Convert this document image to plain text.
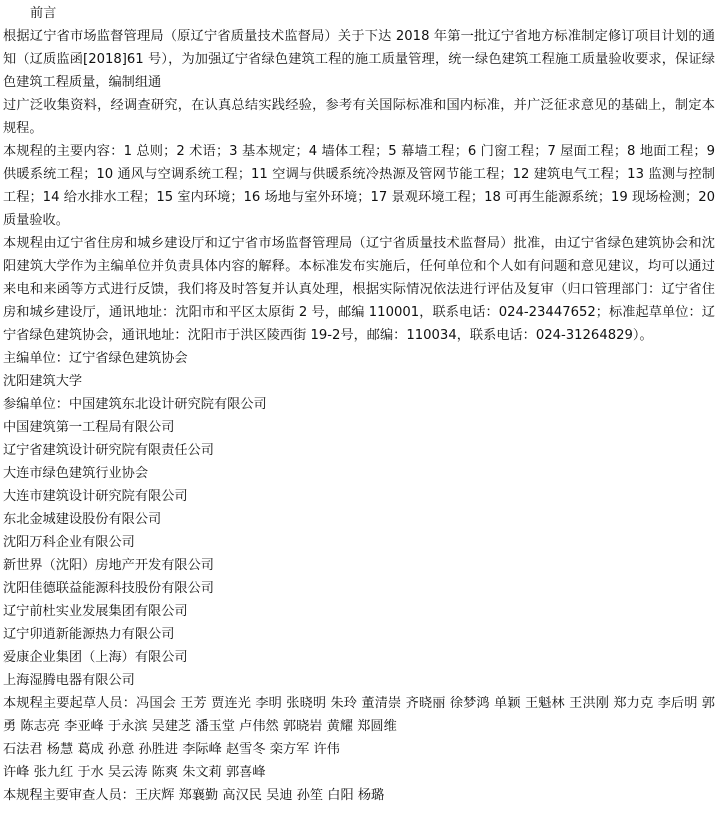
前言

根据辽宁省市场监督管理局（原辽宁省质量技术监督局）关于下达 2018 年第一批辽宁省地方标准制定修订项目计划的通知（辽质监函[2018]61 号），为加强辽宁省绿色建筑工程的施工质量管理，统一绿色建筑工程施工质量验收要求，保证绿色建筑工程质量，编制组通

过广泛收集资料，经调查研究，在认真总结实践经验，参考有关国际标准和国内标准，并广泛征求意见的基础上，制定本规程。

本规程的主要内容：1 总则；2 术语；3 基本规定；4 墙体工程；5 幕墙工程；6 门窗工程；7 屋面工程；8 地面工程；9 供暖系统工程；10 通风与空调系统工程；11 空调与供暖系统冷热源及管网节能工程；12 建筑电气工程；13 监测与控制工程；14 给水排水工程；15 室内环境；16 场地与室外环境；17 景观环境工程；18 可再生能源系统；19 现场检测；20 质量验收。

本规程由辽宁省住房和城乡建设厅和辽宁省市场监督管理局（辽宁省质量技术监督局）批准，由辽宁省绿色建筑协会和沈阳建筑大学作为主编单位并负责具体内容的解释。本标准发布实施后，任何单位和个人如有问题和意见建议，均可以通过来电和来函等方式进行反馈，我们将及时答复并认真处理，根据实际情况依法进行评估及复审（归口管理部门：辽宁省住房和城乡建设厅，通讯地址：沈阳市和平区太原街 2 号，邮编 110001，联系电话：024-23447652；标准起草单位：辽宁省绿色建筑协会，通讯地址：沈阳市于洪区陵西街 19-2号，邮编：110034，联系电话：024-31264829）。

主编单位：辽宁省绿色建筑协会

沈阳建筑大学

参编单位：中国建筑东北设计研究院有限公司

中国建筑第一工程局有限公司

辽宁省建筑设计研究院有限责任公司

大连市绿色建筑行业协会

大连市建筑设计研究院有限公司

东北金城建设股份有限公司

沈阳万科企业有限公司

新世界（沈阳）房地产开发有限公司

沈阳佳德联益能源科技股份有限公司

辽宁前杜实业发展集团有限公司

辽宁卯逍新能源热力有限公司

爱康企业集团（上海）有限公司

上海湿腾电器有限公司

本规程主要起草人员：冯国会 王芳 贾连光 李明 张晓明 朱玲 董清崇 齐晓丽 徐梦鸿 单颖 王魁林 王洪刚 郑力克 李后明 郭勇 陈志亮 李亚峰 于永滨 吴建芝 潘玉堂 卢伟然 郭晓岩 黄耀 郑圆维

石法君 杨慧 葛成 孙意 孙胜进 李际峰 赵雪冬 栾方军 许伟

许峰 张九红 于水 吴云涛 陈爽 朱文莉 郭喜峰

本规程主要审查人员：王庆辉 郑襄勤 高汉民 吴迪 孙笙 白阳 杨璐
